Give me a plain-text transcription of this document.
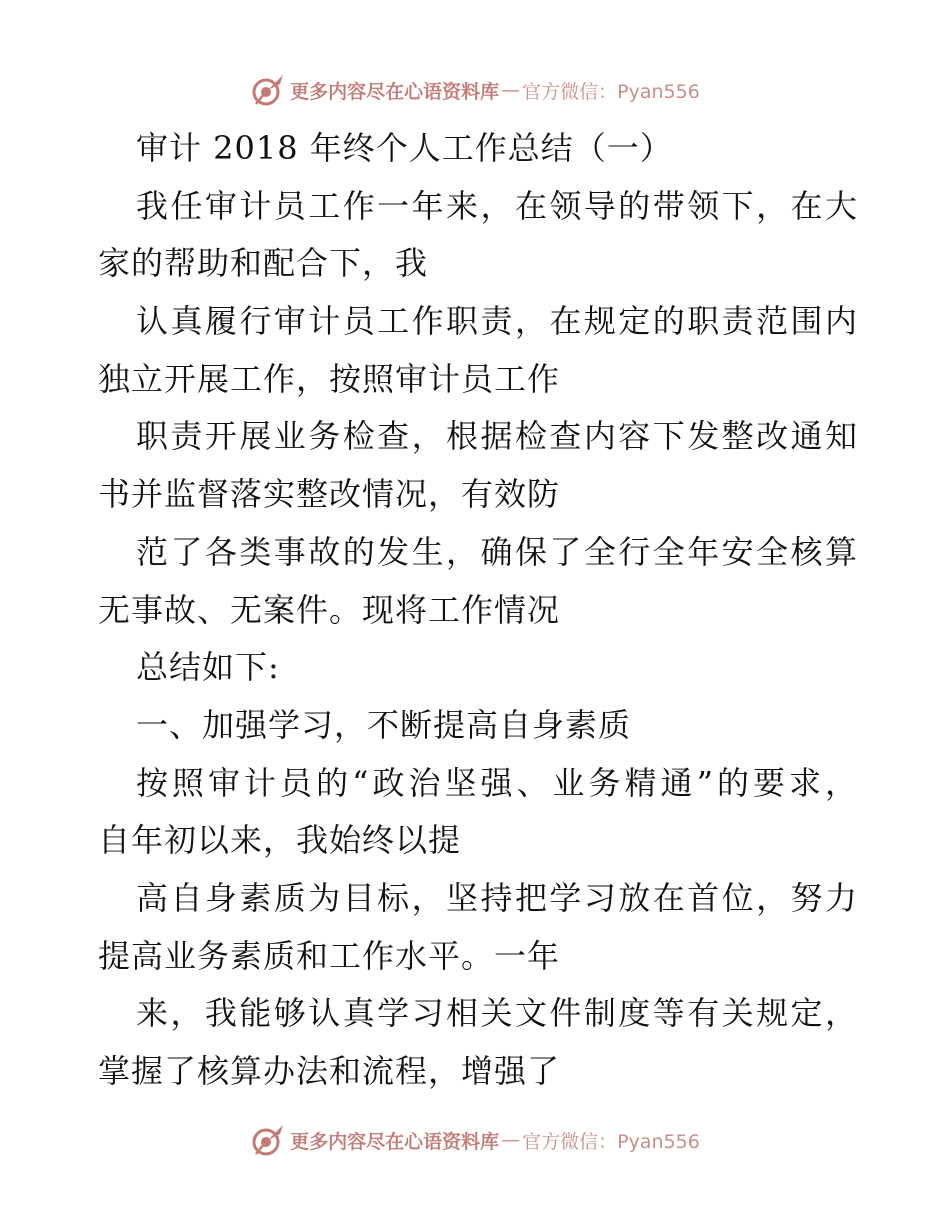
更多内容尽在心语资料库 — 官方微信：Pyan556
审计 2018 年终个人工作总结（一）
我任审计员工作一年来，在领导的带领下，在大
家的帮助和配合下，我
认真履行审计员工作职责，在规定的职责范围内
独立开展工作，按照审计员工作
职责开展业务检查，根据检查内容下发整改通知
书并监督落实整改情况，有效防
范了各类事故的发生，确保了全行全年安全核算
无事故、无案件。现将工作情况
总结如下:
一、加强学习，不断提高自身素质
按照审计员的“政治坚强、业务精通”的要求，
自年初以来，我始终以提
高自身素质为目标，坚持把学习放在首位，努力
提高业务素质和工作水平。一年
来，我能够认真学习相关文件制度等有关规定，
掌握了核算办法和流程，增强了
更多内容尽在心语资料库 — 官方微信：Pyan556
